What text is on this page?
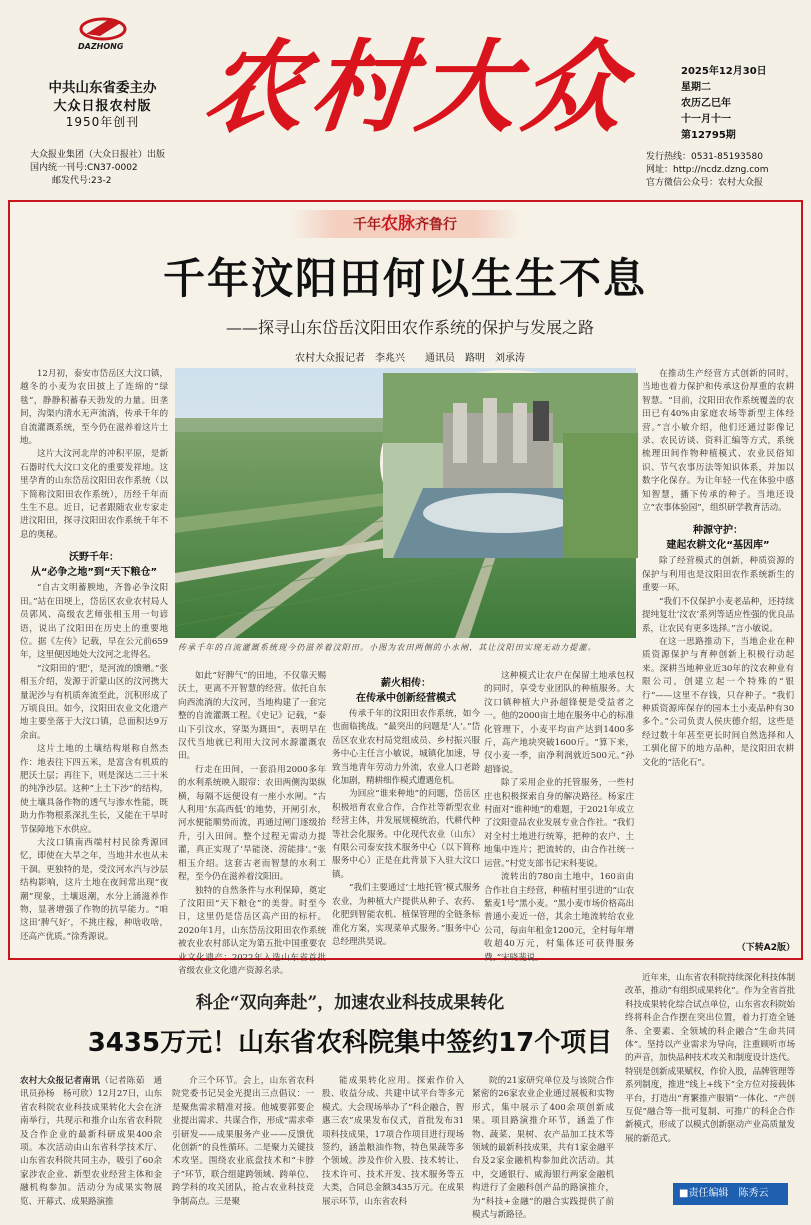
DAZHONG
中共山东省委主办
大众日报农村版
1950年创刊
大众报业集团（大众日报社）出版
国内统一刊号:CN37-0002
邮发代号:23-2
农村大众	2025年12月30日
星期二
农历乙巳年
十一月十一
第12795期
发行热线：0531-85193580
网址：http://ncdz.dzng.com
官方微信公众号：农村大众报
千年农脉齐鲁行
千年汶阳田何以生生不息
——探寻山东岱岳汶阳田农作系统的保护与发展之路
农村大众报记者　李兆兴　　通讯员　路明　刘承涛
传承千年的自流灌溉系统现今仍滋养着汶阳田。小图为农田两侧的小水闸，其让汶阳田实现无动力提灌。

12月初，泰安市岱岳区大汶口镇，越冬的小麦为农田披上了连绵的“绿毯”，静静积蓄春天勃发的力量。田垄间，沟渠内清水无声流淌，传承千年的自流灌溉系统，至今仍在滋养着这片土地。

这片大汶河北岸的冲积平原，是新石器时代大汶口文化的重要发祥地。这里孕育的山东岱岳汶阳田农作系统（以下简称汶阳田农作系统），历经千年而生生不息。近日，记者跟随农业专家走进汶阳田，探寻汶阳田农作系统千年不息的奥秘。

沃野千年：
从“必争之地”到“天下粮仓”

“自古文明蓄腴地，齐鲁必争汶阳田。”站在田埂上，岱岳区农业农村局人员郭风、高级农艺师张相玉用一句谚语，说出了汶阳田在历史上的重要地位。据《左传》记载，早在公元前659年，这里便因地处大汶河之北得名。

“汶阳田的‘肥’，是河流的馈赠。”张相玉介绍，发源于沂蒙山区的汶河携大量泥沙与有机质奔流至此，沉积形成了万顷良田。如今，汶阳田农业文化遗产地主要坐落于大汶口镇，总面积达9万余亩。

这片土地的土壤结构堪称自然杰作：地表往下四五米，是富含有机质的肥沃土层；再往下，则是深达二三十米的纯净沙层。这种“上土下沙”的结构，使土壤具备作物的透气与渗水性能，既助力作物根系深扎生长，又能在干旱时节保障地下水供应。

大汶口镇南西端村村民徐秀源回忆，即使在大旱之年，当地井水也从未干涸。更独特的是，受汶河水汽与沙层结构影响，这片土地在夜间常出现“夜潮”现象，土壤返潮，水分上涌滋养作物，显著增强了作物的抗旱能力。“咱这田‘脾气好’，不挑庄稼，种啥收啥，还高产优质。”徐秀源说。

如此“好脾气”的田地，不仅靠天赐沃土，更离不开智慧的经营。依托自东向西流淌的大汶河，当地构建了一套完整的自流灌溉工程。《史记》记载，“泰山下引汶水，穿渠为溉田”，表明早在汉代当地就已利用大汶河水源灌溉农田。

行走在田间，一套沿用2000多年的水利系统映入眼帘：农田两侧沟渠纵横，每隔不远便设有一座小水闸。“古人利用‘东高西低’的地势，开闸引水，河水便能顺势而流，再通过闸门逐级抬升，引入田间。整个过程无需动力提灌，真正实现了‘旱能浇、涝能排’。”张相玉介绍。这套古老而智慧的水利工程，至今仍在滋养着汶阳田。

独特的自然条件与水利保障，奠定了汶阳田“天下粮仓”的美誉。时至今日，这里仍是岱岳区高产田的标杆。2020年1月，山东岱岳汶阳田农作系统被农业农村部认定为第五批中国重要农业文化遗产；2022年入选山东省首批省级农业文化遗产资源名录。

薪火相传：
在传承中创新经营模式

传承千年的汶阳田农作系统，如今也面临挑战。“最突出的问题是‘人’。”岱岳区农业农村局党组成员、乡村振兴服务中心主任言小敏说，城镇化加速，导致当地青年劳动力外流，农业人口老龄化加剧，精耕细作模式遭遇危机。

为回应“谁来种地”的问题，岱岳区积极培育农业合作，合作社等新型农业经营主体，并发展规模统治，代耕代种等社会化服务。中化现代农业（山东）有限公司泰安技术服务中心（以下简称服务中心）正是在此背景下入驻大汶口镇。

“我们主要通过‘土地托管’模式服务农业，为种植大户提供从种子、农药、化肥到智能农机、植保管理的全链条标准化方案，实现菜单式服务。”服务中心总经理洪昊说。

这种模式让农户在保留土地承包权的同时，享受专业团队的种植服务。大汶口镇种植大户孙超锋便是受益者之一。他的2000亩土地在服务中心的标准化管理下，小麦平均亩产达到1400多斤，高产地块突破1600斤。“算下来，仅小麦一季，亩净利润就近500元。”孙超锋说。

除了采用企业的托管服务，一些村庄也积极探索自身的解决路径。杨家庄村面对“谁种地”的难题，于2021年成立了汶阳壹品农业发展专业合作社。“我们对全村土地进行统筹，把种的农户、土地集中连片；把流转的，由合作社统一运营。”村党支部书记宋科斐说。

流转出的780亩土地中，160亩由合作社自主经营，种植村里引进的“山农紫麦1号”黑小麦。“黑小麦市场价格高出普通小麦近一倍，其余土地流转给农业公司，每亩年租金1200元，全村每年增收超40万元，村集体还可获得服务费。”宋晓斐说。

在推动生产经营方式创新的同时，当地也着力保护和传承这份厚重的农耕智慧。“目前，汶阳田农作系统覆盖的农田已有40%由家庭农场等新型主体经营。”言小敏介绍，他们还通过影像记录、农民访谈、资料汇编等方式，系统梳理田间作物种植模式、农业民俗知识、节气农事历法等知识体系，并加以数字化保存。为让年轻一代在体验中感知智慧，播下传承的种子。当地还设立“农事体验园”，组织研学教育活动。

种源守护：
建起农耕文化“基因库”

除了经营模式的创新，种质资源的保护与利用也是汶阳田农作系统新生的重要一环。

“我们不仅保护小麦老品种，还持续提纯复壮‘汶农’系列等适应性强的优良品系，让农民有更多选择。”言小敏说。

在这一思路推动下，当地企业在种质资源保护与育种创新上积极行动起来。深耕当地种业近30年的汶农种业有限公司，创建立起一个特殊的“银行”——这里不存钱，只存种子。“我们种质资源库保存的园本土小麦品种有30多个。”公司负责人侯庆德介绍，这些是经过数十年甚至更长时间自然选择和人工驯化留下的地方品种，是汶阳田农耕文化的“活化石”。

（下转A2版）
科企“双向奔赴”，加速农业科技成果转化
3435万元！山东省农科院集中签约17个项目

农村大众报记者南讯（记者陈茹　通讯员孙杨　杨可欣）12月27日，山东省农科院农业科技成果转化大会在济南举行，共现示和推介山东省农科院及合作企业的最新科研成果400余项。本次活动由山东省科学技术厅、山东省农科院共同主办，吸引了60余家涉农企业、新型农业经营主体和金融机构参加。活动分为成果实物展览、开幕式、成果路演推

介三个环节。会上，山东省农科院党委书记吴金光提出三点倡议：一是聚焦需求精准对接。他城要郭要企业提出需求、共谋合作，形成“需求牵引研发——成果服务产业——反馈优化创新”的良性循环。二是聚力关键技术攻坚。围绕农业底盘技术和“卡脖子”环节，联合组建跨领域、跨单位、跨学科的攻关团队，抢占农业科技竞争制高点。三是聚

能成果转化应用。探索作价入股、收益分成、共建中试平台等多元模式。大会现场举办了“科企融合，智惠三农”成果发布仪式，首批发布31项科技成果，17项合作项目进行现场签约，涵盖粮油作物，特色果蔬等多个领域。涉及作价入股、技术转让、技术许可、技术开发、技术服务等五大类，合同总金额3435万元。在成果展示环节，山东省农科

院的21家研究单位及与该院合作紧密的26家农业企业通过展板和实物形式，集中展示了400余项创新成果。项目路演推介环节，涵盖了作物、蔬菜、果树、农产品加工技术等领域的最新科技成果，共有1家金融平台及2家金融机构参加此次活动。其中，交通银行、威海银行两家金融机构进行了金融科创产品的路演推介，为“科技+金融”的融合实践提供了前模式与新路径。

近年来，山东省农科院持续深化科技体制改革，推动“有组织成果转化”。作为全省首批科技成果转化综合试点单位，山东省农科院始终将科企合作摆在突出位置，着力打造全链条、全要素、全领域的科企融合“生命共同体”。坚持以产业需求为导向，注重顾听市场的声音，加快品种技术攻关和制度设计迭代。特别是创新成果赋权，作价入股，品牌管理等系列制度，推进“线上+线下”全方位对接载体平台，打造出“育繁推产服销”一体化、“产创互促”融合等一批可复制、可推广的科企合作新模式，形成了以模式创新驱动产业高质量发展的新范式。

■责任编辑　陈秀云
